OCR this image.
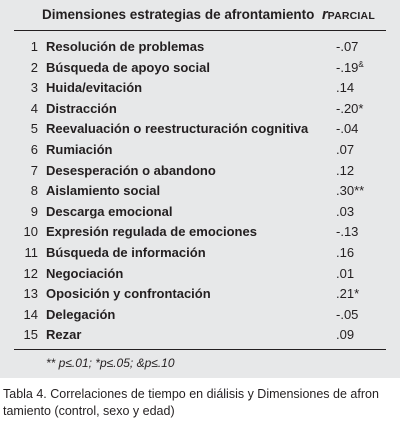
Dimensiones estrategias de afrontamiento rPARCIAL
1 Resolución de problemas	-.07
2 Búsqueda de apoyo social	-.19&
3 Huida/evitación	.14
4 Distracción	-.20*
5 Reevaluación o reestructuración cognitiva -.04
6 Rumiación	.07
7 Desesperación o abandono	.12
8 Aislamiento social	.30**
9 Descarga emocional	.03
10 Expresión regulada de emociones	-.13
11 Búsqueda de información	.16
12 Negociación	.01
13 Oposición y confrontación	.21*
14 Delegación	-.05
15 Rezar	.09
** p≤.01; *p≤.05; &p≤.10
Tabla 4. Correlaciones de tiempo en diálisis y Dimensiones de afron
tamiento (control, sexo y edad)
